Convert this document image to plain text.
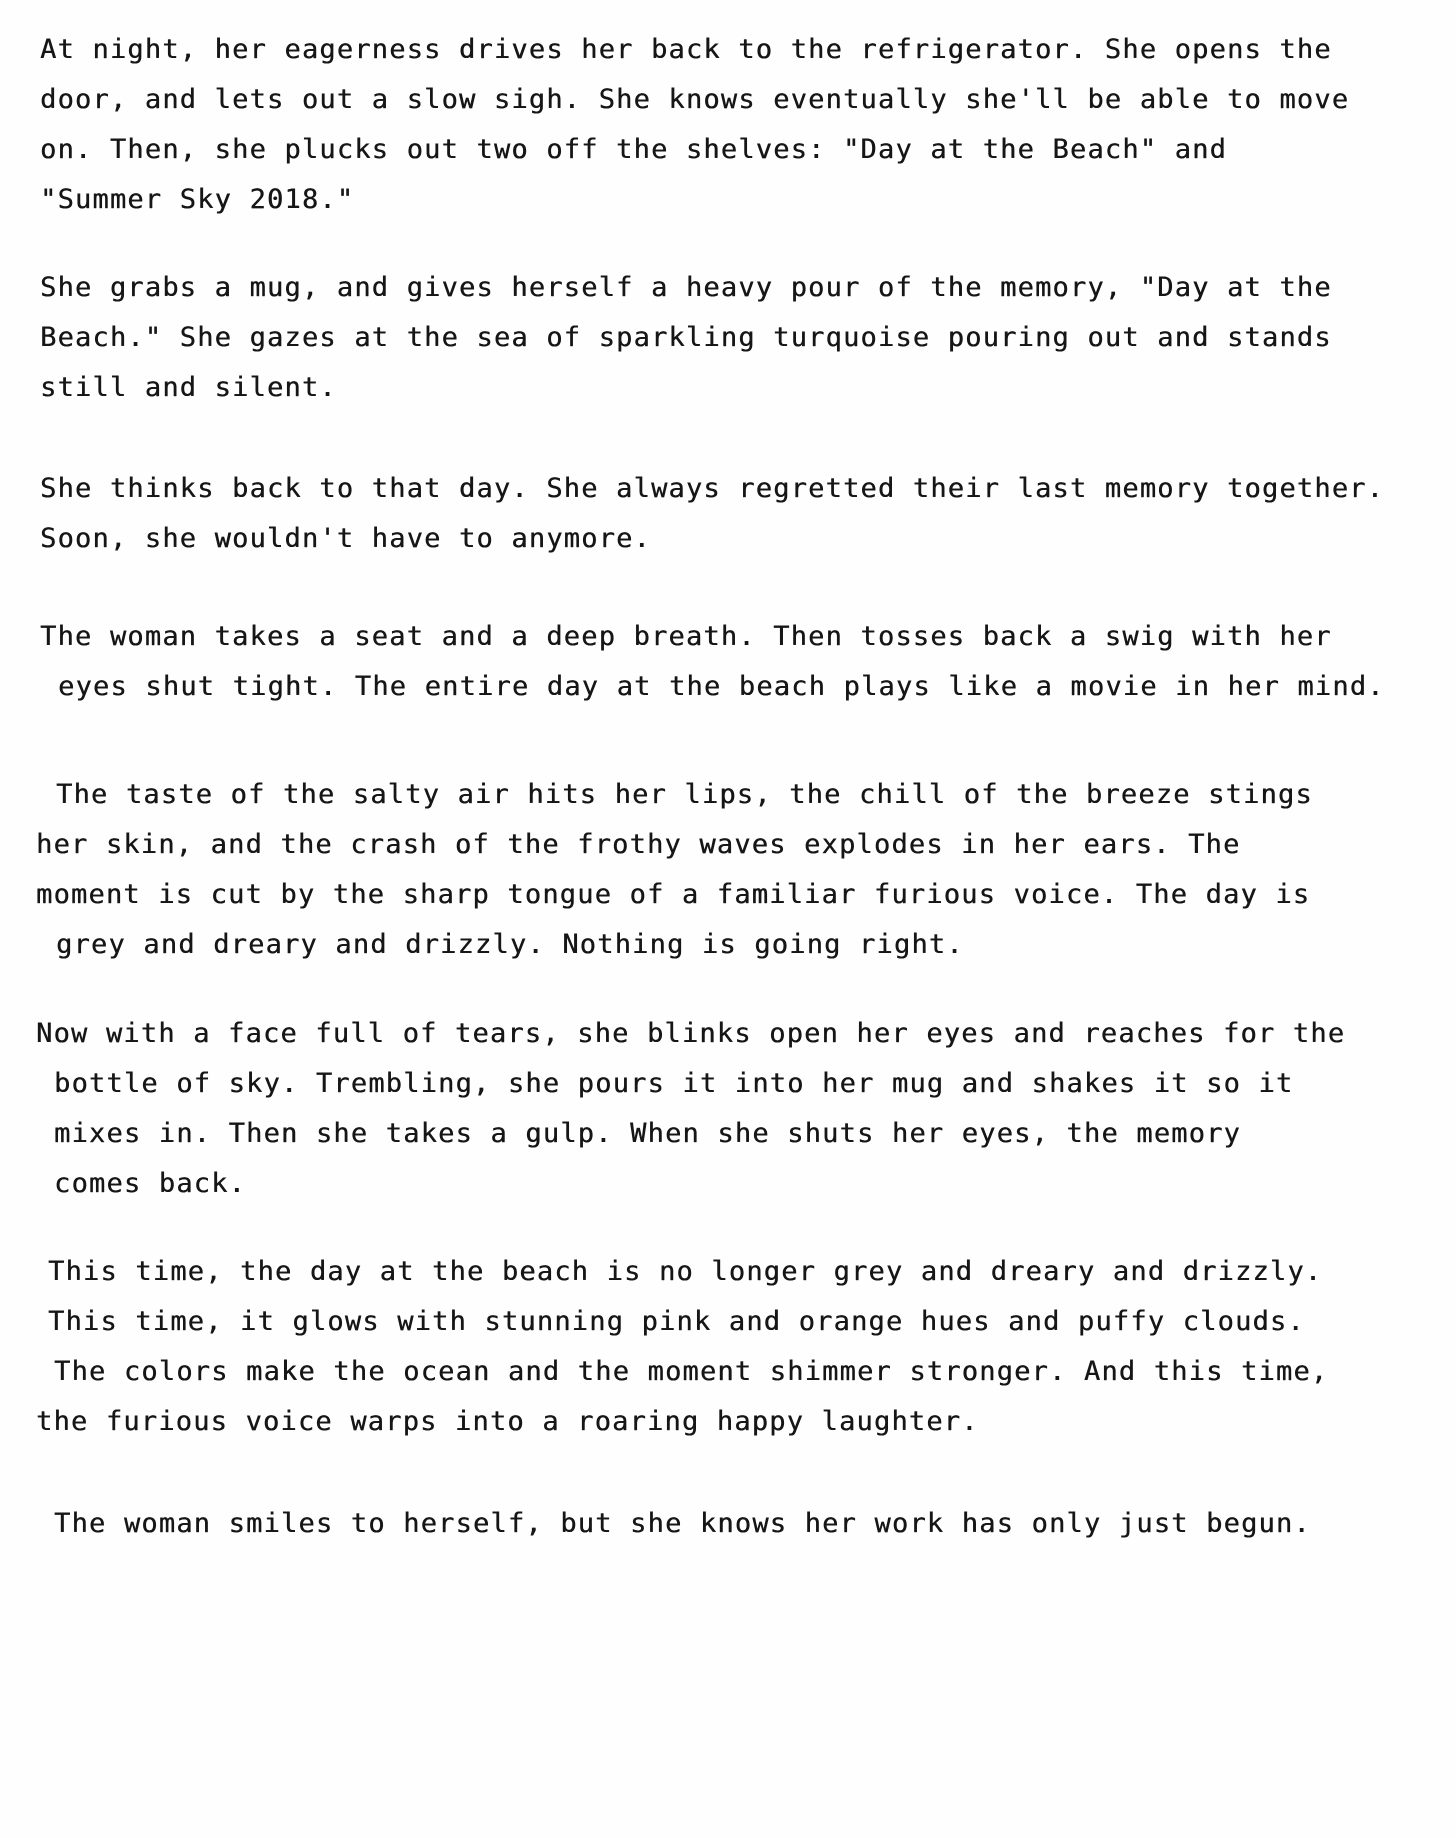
At night, her eagerness drives her back to the refrigerator. She opens the
door, and lets out a slow sigh. She knows eventually she'll be able to move
on. Then, she plucks out two off the shelves: "Day at the Beach" and
"Summer Sky 2018."
She grabs a mug, and gives herself a heavy pour of the memory, "Day at the
Beach." She gazes at the sea of sparkling turquoise pouring out and stands
still and silent.
She thinks back to that day. She always regretted their last memory together.
Soon, she wouldn't have to anymore.
The woman takes a seat and a deep breath. Then tosses back a swig with her
eyes shut tight. The entire day at the beach plays like a movie in her mind.
The taste of the salty air hits her lips, the chill of the breeze stings
her skin, and the crash of the frothy waves explodes in her ears. The
moment is cut by the sharp tongue of a familiar furious voice. The day is
grey and dreary and drizzly. Nothing is going right.
Now with a face full of tears, she blinks open her eyes and reaches for the
bottle of sky. Trembling, she pours it into her mug and shakes it so it
mixes in. Then she takes a gulp. When she shuts her eyes, the memory
comes back.
This time, the day at the beach is no longer grey and dreary and drizzly.
This time, it glows with stunning pink and orange hues and puffy clouds.
The colors make the ocean and the moment shimmer stronger. And this time,
the furious voice warps into a roaring happy laughter.
The woman smiles to herself, but she knows her work has only just begun.
